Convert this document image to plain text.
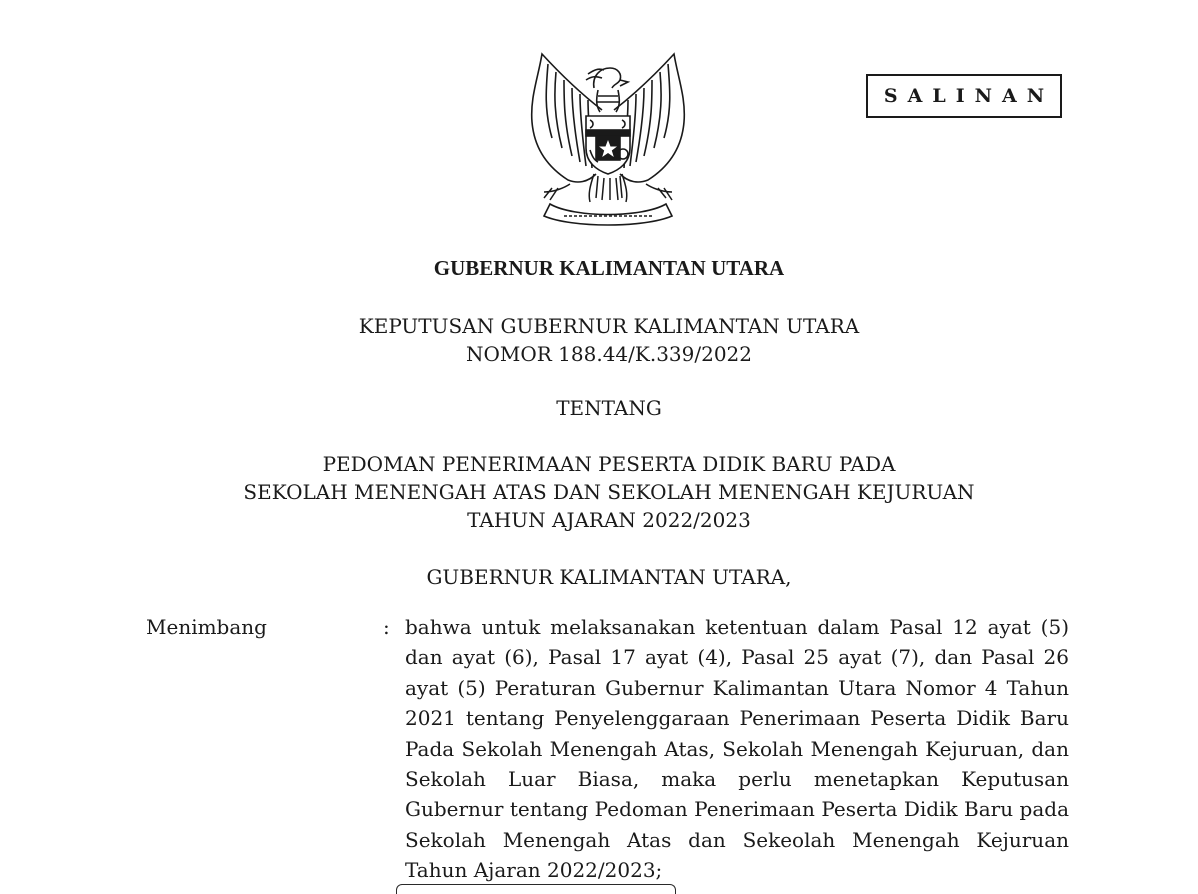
SALINAN
GUBERNUR KALIMANTAN UTARA
KEPUTUSAN GUBERNUR KALIMANTAN UTARA
NOMOR 188.44/K.339/2022
TENTANG
PEDOMAN PENERIMAAN PESERTA DIDIK BARU PADA
SEKOLAH MENENGAH ATAS DAN SEKOLAH MENENGAH KEJURUAN
TAHUN AJARAN 2022/2023
GUBERNUR KALIMANTAN UTARA,
Menimbang	: bahwa untuk melaksanakan ketentuan dalam Pasal 12 ayat (5) dan ayat (6), Pasal 17 ayat (4), Pasal 25 ayat (7), dan Pasal 26 ayat (5) Peraturan Gubernur Kalimantan Utara Nomor 4 Tahun 2021 tentang Penyelenggaraan Penerimaan Peserta Didik Baru Pada Sekolah Menengah Atas, Sekolah Menengah Kejuruan, dan Sekolah Luar Biasa, maka perlu menetapkan Keputusan Gubernur tentang Pedoman Penerimaan Peserta Didik Baru pada Sekolah Menengah Atas dan Sekeolah Menengah Kejuruan Tahun Ajaran 2022/2023;
